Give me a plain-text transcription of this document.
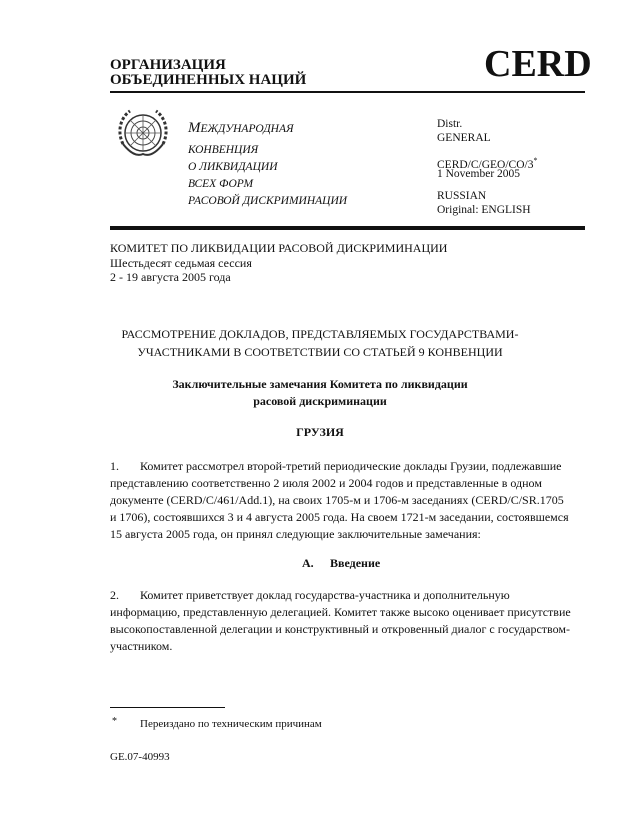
ОРГАНИЗАЦИЯ
ОБЪЕДИНЕННЫХ НАЦИЙ	CERD
МЕЖДУНАРОДНАЯ
КОНВЕНЦИЯ
О ЛИКВИДАЦИИ
ВСЕХ ФОРМ
РАСОВОЙ ДИСКРИМИНАЦИИ
Distr.
GENERAL
CERD/C/GEO/CO/3*
1 November 2005
RUSSIAN
Original: ENGLISH
КОМИТЕТ ПО ЛИКВИДАЦИИ РАСОВОЙ ДИСКРИМИНАЦИИ
Шестьдесят седьмая сессия
2 - 19 августа 2005 года
РАССМОТРЕНИЕ ДОКЛАДОВ, ПРЕДСТАВЛЯЕМЫХ ГОСУДАРСТВАМИ-
УЧАСТНИКАМИ В СООТВЕТСТВИИ СО СТАТЬЕЙ 9 КОНВЕНЦИИ
Заключительные замечания Комитета по ликвидации
расовой дискриминации
ГРУЗИЯ
1. Комитет рассмотрел второй-третий периодические доклады Грузии, подлежавшие
представлению соответственно 2 июля 2002 и 2004 годов и представленные в одном
документе (CERD/C/461/Add.1), на своих 1705-м и 1706-м заседаниях (CERD/C/SR.1705
и 1706), состоявшихся 3 и 4 августа 2005 года. На своем 1721-м заседании, состоявшемся
15 августа 2005 года, он принял следующие заключительные замечания:
А. Введение
2. Комитет приветствует доклад государства-участника и дополнительную
информацию, представленную делегацией. Комитет также высоко оценивает присутствие
высокопоставленной делегации и конструктивный и откровенный диалог с государством-
участником.
* Переиздано по техническим причинам
GE.07-40993
